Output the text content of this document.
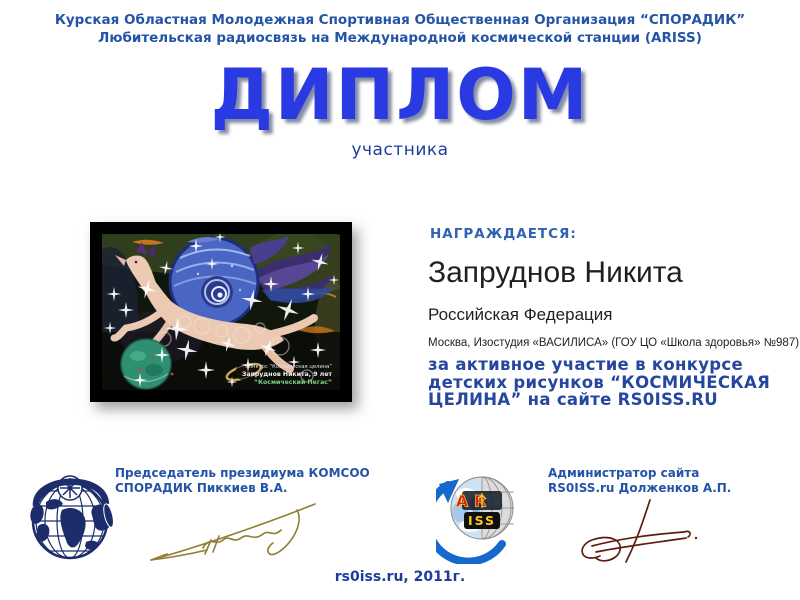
Курская Областная Молодежная Спортивная Общественная Организация “СПОРАДИК”
Любительская радиосвязь на Международной космической станции (ARISS)
ДИПЛОМ
участника
Конкурс “Космическая целина”
Запруднов Никита, 9 лет
“Космический Пегас”
НАГРАЖДАЕТСЯ:
Запруднов Никита
Российская Федерация
Москва, Изостудия «ВАСИЛИСА» (ГОУ ЦО «Школа здоровья» №987)
за активное участие в конкурсе
детских рисунков “КОСМИЧЕСКАЯ
ЦЕЛИНА” на сайте RS0ISS.RU
Председатель президиума КОМСОО
СПОРАДИК Пиккиев В.А.
A R
ISS
Администратор сайта
RS0ISS.ru Долженков А.П.
rs0iss.ru, 2011г.
